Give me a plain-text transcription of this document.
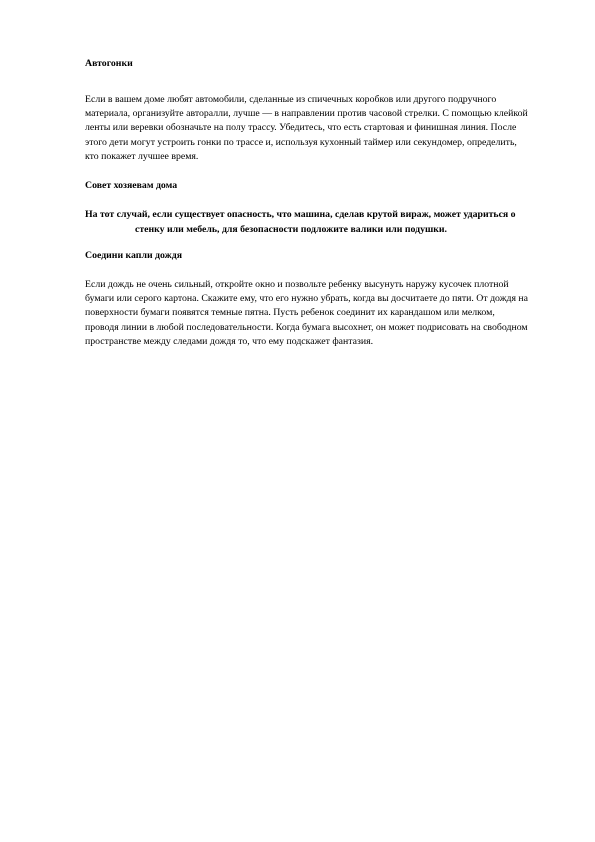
Автогонки

Если в вашем доме любят автомобили, сделанные из спичечных коробков или другого подручного материала, организуйте авторалли, лучше — в направлении против часовой стрелки. С помощью клейкой ленты или веревки обозначьте на полу трассу. Убедитесь, что есть стартовая и финишная линия. После этого дети могут устроить гонки по трассе и, используя кухонный таймер или секундомер, определить, кто покажет лучшее время.

Совет хозяевам дома

На тот случай, если существует опасность, что машина, сделав крутой вираж, может удариться о стенку или мебель, для безопасности подложите валики или подушки.

Соедини капли дождя

Если дождь не очень сильный, откройте окно и позвольте ребенку высунуть наружу кусочек плотной бумаги или серого картона. Скажите ему, что его нужно убрать, когда вы досчитаете до пяти. От дождя на поверхности бумаги появятся темные пятна. Пусть ребенок соединит их карандашом или мелком, проводя линии в любой последовательности. Когда бумага высохнет, он может подрисовать на свободном пространстве между следами дождя то, что ему подскажет фантазия.
